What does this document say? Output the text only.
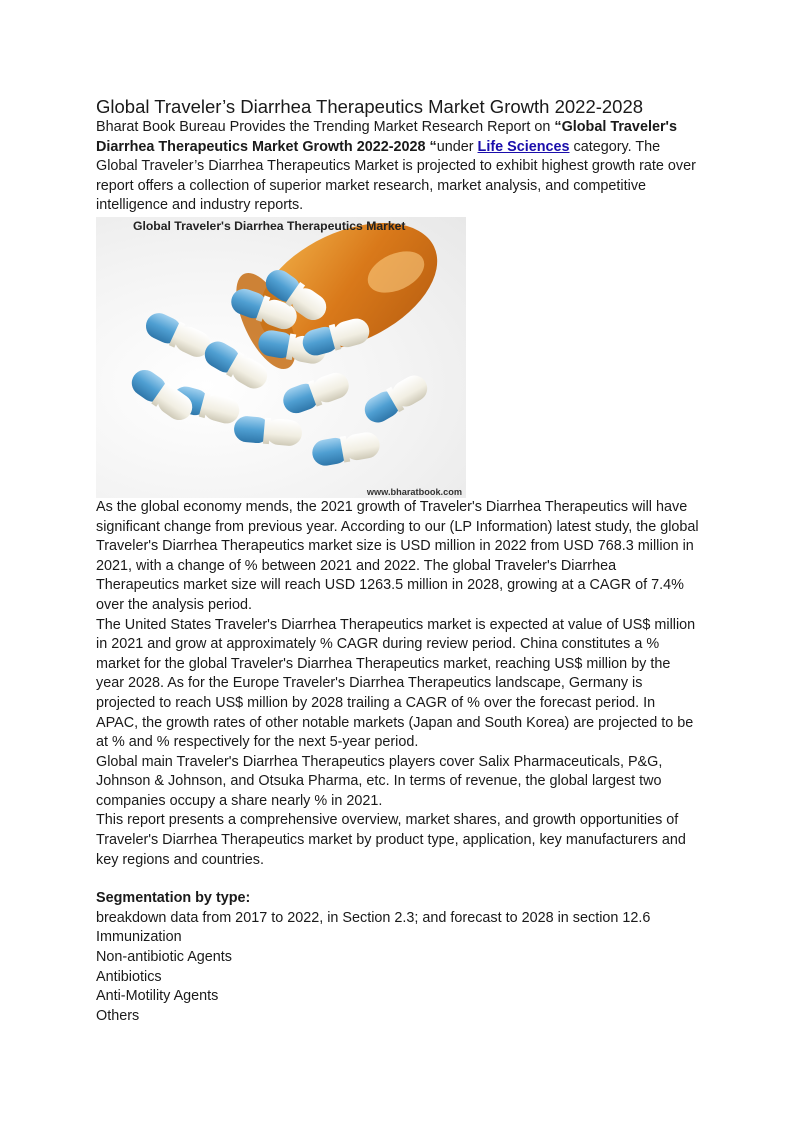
Global Traveler’s Diarrhea Therapeutics Market Growth 2022-2028

Bharat Book Bureau Provides the Trending Market Research Report on “Global Traveler's Diarrhea Therapeutics Market Growth 2022-2028 “under Life Sciences category. The Global Traveler’s Diarrhea Therapeutics Market is projected to exhibit highest growth rate over report offers a collection of superior market research, market analysis, and competitive intelligence and industry reports.

Global Traveler's Diarrhea Therapeutics Market
www.bharatbook.com

As the global economy mends, the 2021 growth of Traveler's Diarrhea Therapeutics will have significant change from previous year. According to our (LP Information) latest study, the global Traveler's Diarrhea Therapeutics market size is USD million in 2022 from USD 768.3 million in 2021, with a change of % between 2021 and 2022. The global Traveler's Diarrhea Therapeutics market size will reach USD 1263.5 million in 2028, growing at a CAGR of 7.4% over the analysis period.

The United States Traveler's Diarrhea Therapeutics market is expected at value of US$ million in 2021 and grow at approximately % CAGR during review period. China constitutes a % market for the global Traveler's Diarrhea Therapeutics market, reaching US$ million by the year 2028. As for the Europe Traveler's Diarrhea Therapeutics landscape, Germany is projected to reach US$ million by 2028 trailing a CAGR of % over the forecast period. In APAC, the growth rates of other notable markets (Japan and South Korea) are projected to be at % and % respectively for the next 5-year period.

Global main Traveler's Diarrhea Therapeutics players cover Salix Pharmaceuticals, P&G, Johnson & Johnson, and Otsuka Pharma, etc. In terms of revenue, the global largest two companies occupy a share nearly % in 2021.

This report presents a comprehensive overview, market shares, and growth opportunities of Traveler's Diarrhea Therapeutics market by product type, application, key manufacturers and key regions and countries.

Segmentation by type:

breakdown data from 2017 to 2022, in Section 2.3; and forecast to 2028 in section 12.6

Immunization

Non-antibiotic Agents

Antibiotics

Anti-Motility Agents

Others
